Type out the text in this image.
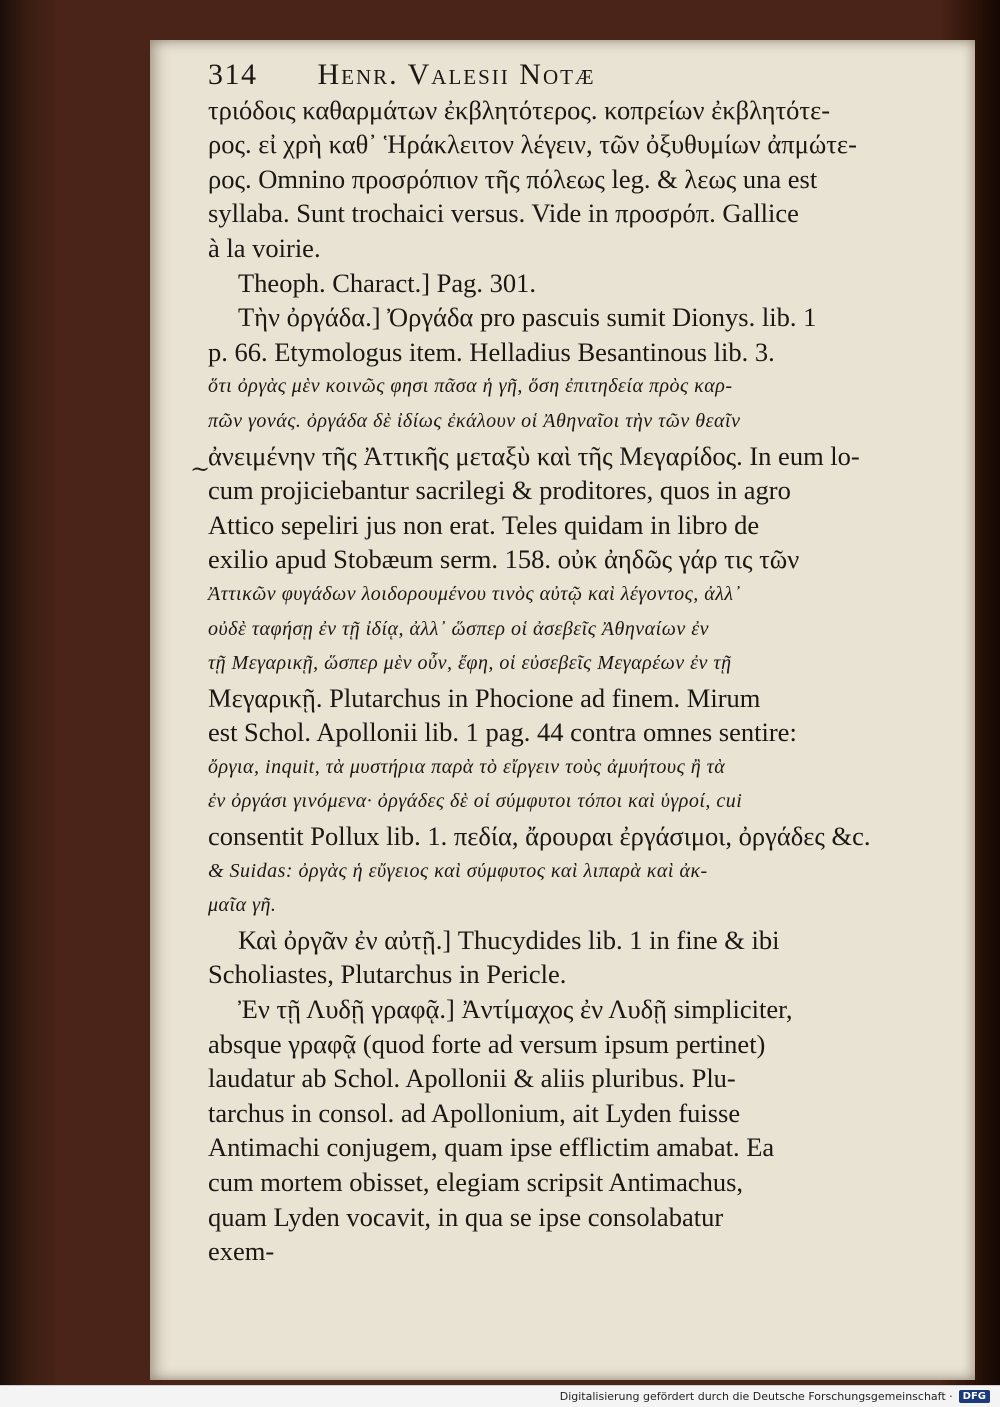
314 Henr. Valesii Notæ

τριόδοις καθαρμάτων ἐκβλητότερος. κοπρείων ἐκβλητότε-

ρος. εἰ χρὴ καθ᾽ Ἡράκλειτον λέγειν, τῶν ὀξυθυμίων ἀπμώτε-

ρος. Omnino προσρόπιον τῆς πόλεως leg. & λεως una est

syllaba. Sunt trochaici versus. Vide in προσρόπ. Gallice

à la voirie.

Theoph. Charact.] Pag. 301.

Τὴν ὀργάδα.] Ὀργάδα pro pascuis sumit Dionys. lib. 1

p. 66. Etymologus item. Helladius Besantinous lib. 3.

ὅτι ὀργὰς μὲν κοινῶς φησι πᾶσα ἡ γῆ, ὅση ἐπιτηδεία πρὸς καρ-

πῶν γονάς. ὀργάδα δὲ ἰδίως ἐκάλουν οἱ Ἀθηναῖοι τὴν τῶν θεαῖν

ἀνειμένην τῆς Ἀττικῆς μεταξὺ καὶ τῆς Μεγαρίδος. In eum lo-

cum projiciebantur sacrilegi & proditores, quos in agro

Attico sepeliri jus non erat. Teles quidam in libro de

exilio apud Stobæum serm. 158. οὐκ ἀηδῶς γάρ τις τῶν

Ἀττικῶν φυγάδων λοιδορουμένου τινὸς αὐτῷ καὶ λέγοντος, ἀλλ᾽

οὐδὲ ταφήσῃ ἐν τῇ ἰδίᾳ, ἀλλ᾽ ὥσπερ οἱ ἀσεβεῖς Ἀθηναίων ἐν

τῇ Μεγαρικῇ, ὥσπερ μὲν οὖν, ἔφη, οἱ εὐσεβεῖς Μεγαρέων ἐν τῇ

Μεγαρικῇ. Plutarchus in Phocione ad finem. Mirum

est Schol. Apollonii lib. 1 pag. 44 contra omnes sentire:

ὄργια, inquit, τὰ μυστήρια παρὰ τὸ εἴργειν τοὺς ἀμυήτους ἢ τὰ

ἐν ὀργάσι γινόμενα· ὀργάδες δὲ οἱ σύμφυτοι τόποι καὶ ὑγροί, cui

consentit Pollux lib. 1. πεδία, ἄρουραι ἐργάσιμοι, ὀργάδες &c.

& Suidas: ὀργὰς ἡ εὔγειος καὶ σύμφυτος καὶ λιπαρὰ καὶ ἀκ-

μαῖα γῆ.

Καὶ ὀργᾶν ἐν αὐτῇ.] Thucydides lib. 1 in fine & ibi

Scholiastes, Plutarchus in Pericle.

Ἐν τῇ Λυδῇ γραφᾷ.] Ἀντίμαχος ἐν Λυδῇ simpliciter,

absque γραφᾷ (quod forte ad versum ipsum pertinet)

laudatur ab Schol. Apollonii & aliis pluribus. Plu-

tarchus in consol. ad Apollonium, ait Lyden fuisse

Antimachi conjugem, quam ipse efflictim amabat. Ea

cum mortem obisset, elegiam scripsit Antimachus,

quam Lyden vocavit, in qua se ipse consolabatur

exem-

~
Digitalisierung gefördert durch die Deutsche Forschungsgemeinschaft ·	DFG
